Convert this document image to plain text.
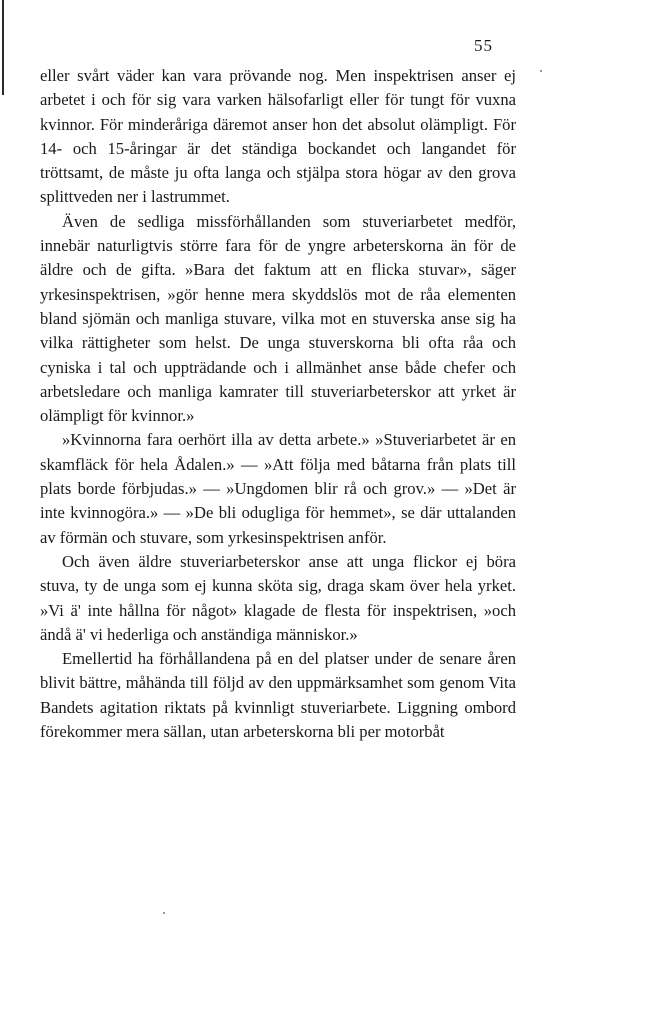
55

eller svårt väder kan vara prövande nog. Men inspektrisen anser ej arbetet i och för sig vara varken hälsofarligt eller för tungt för vuxna kvinnor. För minderåriga däremot anser hon det absolut olämpligt. För 14- och 15-åringar är det ständiga bockandet och langandet för tröttsamt, de måste ju ofta langa och stjälpa stora högar av den grova splittveden ner i lastrummet.

Även de sedliga missförhållanden som stuveriarbetet medför, innebär naturligtvis större fara för de yngre arbeterskorna än för de äldre och de gifta. »Bara det faktum att en flicka stuvar», säger yrkesinspektrisen, »gör henne mera skyddslös mot de råa elementen bland sjömän och manliga stuvare, vilka mot en stuverska anse sig ha vilka rättigheter som helst. De unga stuverskorna bli ofta råa och cyniska i tal och uppträdande och i allmänhet anse både chefer och arbetsledare och manliga kamrater till stuveriarbeterskor att yrket är olämpligt för kvinnor.»

»Kvinnorna fara oerhört illa av detta arbete.» »Stuveriarbetet är en skamfläck för hela Ådalen.» — »Att följa med båtarna från plats till plats borde förbjudas.» — »Ungdomen blir rå och grov.» — »Det är inte kvinnogöra.» — »De bli odugliga för hemmet», se där uttalanden av förmän och stuvare, som yrkesinspektrisen anför.

Och även äldre stuveriarbeterskor anse att unga flickor ej böra stuva, ty de unga som ej kunna sköta sig, draga skam över hela yrket. »Vi ä' inte hållna för något» klagade de flesta för inspektrisen, »och ändå ä' vi hederliga och anständiga människor.»

Emellertid ha förhållandena på en del platser under de senare åren blivit bättre, måhända till följd av den uppmärksamhet som genom Vita Bandets agitation riktats på kvinnligt stuveriarbete. Liggning ombord förekommer mera sällan, utan arbeterskorna bli per motorbåt
